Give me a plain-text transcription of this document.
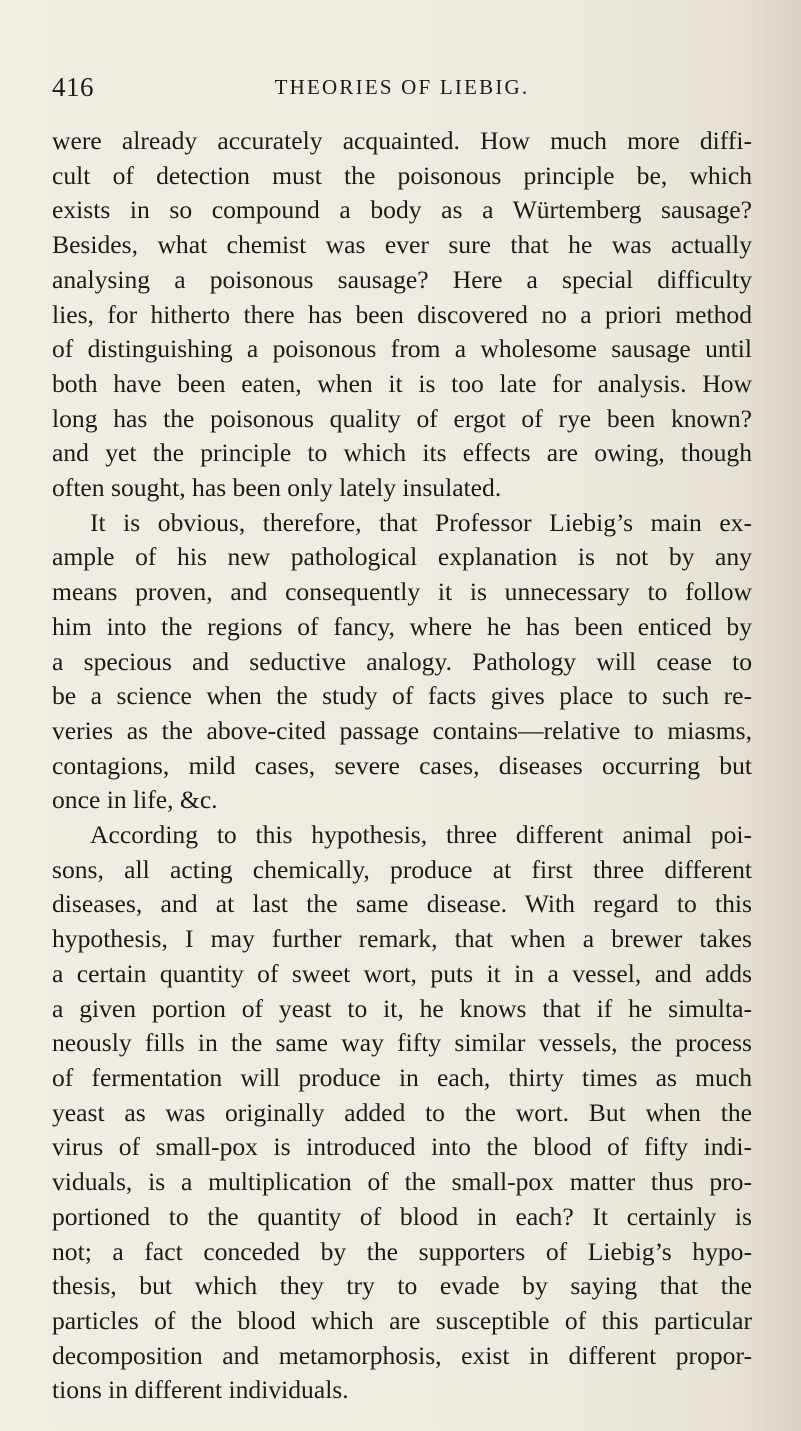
416	THEORIES OF LIEBIG.
were already accurately acquainted. How much more diffi-
cult of detection must the poisonous principle be, which
exists in so compound a body as a Würtemberg sausage?
Besides, what chemist was ever sure that he was actually
analysing a poisonous sausage? Here a special difficulty
lies, for hitherto there has been discovered no a priori method
of distinguishing a poisonous from a wholesome sausage until
both have been eaten, when it is too late for analysis. How
long has the poisonous quality of ergot of rye been known?
and yet the principle to which its effects are owing, though
often sought, has been only lately insulated.
It is obvious, therefore, that Professor Liebig’s main ex-
ample of his new pathological explanation is not by any
means proven, and consequently it is unnecessary to follow
him into the regions of fancy, where he has been enticed by
a specious and seductive analogy. Pathology will cease to
be a science when the study of facts gives place to such re-
veries as the above-cited passage contains—relative to miasms,
contagions, mild cases, severe cases, diseases occurring but
once in life, &c.
According to this hypothesis, three different animal poi-
sons, all acting chemically, produce at first three different
diseases, and at last the same disease. With regard to this
hypothesis, I may further remark, that when a brewer takes
a certain quantity of sweet wort, puts it in a vessel, and adds
a given portion of yeast to it, he knows that if he simulta-
neously fills in the same way fifty similar vessels, the process
of fermentation will produce in each, thirty times as much
yeast as was originally added to the wort. But when the
virus of small-pox is introduced into the blood of fifty indi-
viduals, is a multiplication of the small-pox matter thus pro-
portioned to the quantity of blood in each? It certainly is
not; a fact conceded by the supporters of Liebig’s hypo-
thesis, but which they try to evade by saying that the
particles of the blood which are susceptible of this particular
decomposition and metamorphosis, exist in different propor-
tions in different individuals.
